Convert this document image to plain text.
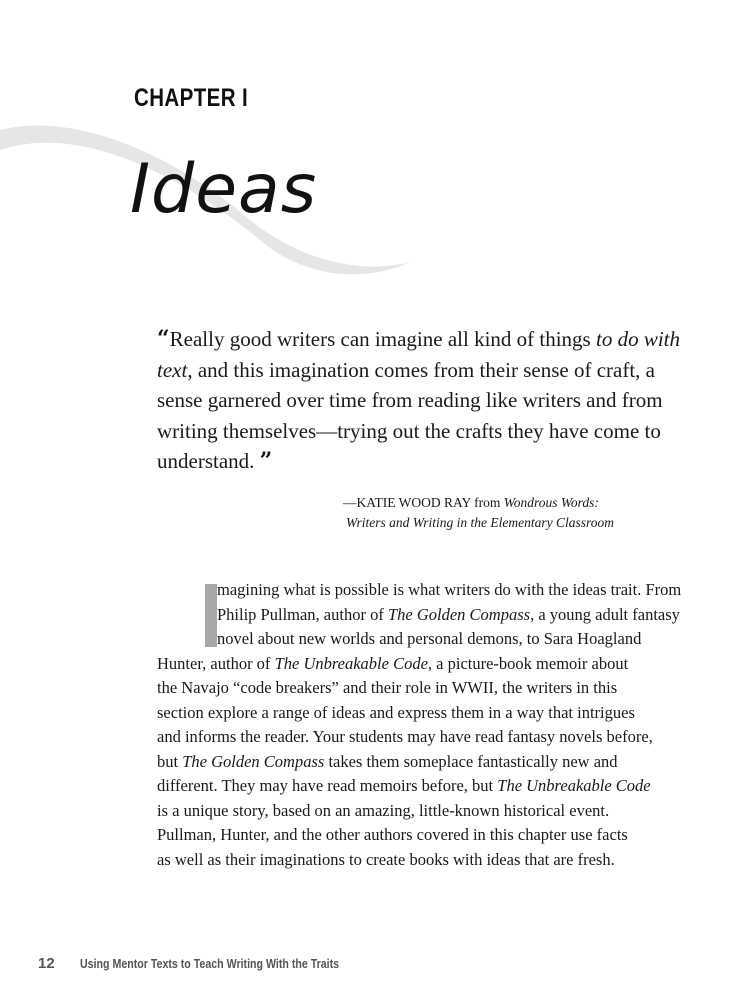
CHAPTER I
Ideas
“Really good writers can imagine all kind of things to do with
text, and this imagination comes from their sense of craft, a
sense garnered over time from reading like writers and from
writing themselves—trying out the crafts they have come to
understand. ”
—KATIE WOOD RAY from Wondrous Words:
Writers and Writing in the Elementary Classroom
magining what is possible is what writers do with the ideas trait. From
Philip Pullman, author of The Golden Compass, a young adult fantasy
novel about new worlds and personal demons, to Sara Hoagland
Hunter, author of The Unbreakable Code, a picture-book memoir about
the Navajo “code breakers” and their role in WWII, the writers in this
section explore a range of ideas and express them in a way that intrigues
and informs the reader. Your students may have read fantasy novels before,
but The Golden Compass takes them someplace fantastically new and
different. They may have read memoirs before, but The Unbreakable Code
is a unique story, based on an amazing, little-known historical event.
Pullman, Hunter, and the other authors covered in this chapter use facts
as well as their imaginations to create books with ideas that are fresh.
12 Using Mentor Texts to Teach Writing With the Traits
